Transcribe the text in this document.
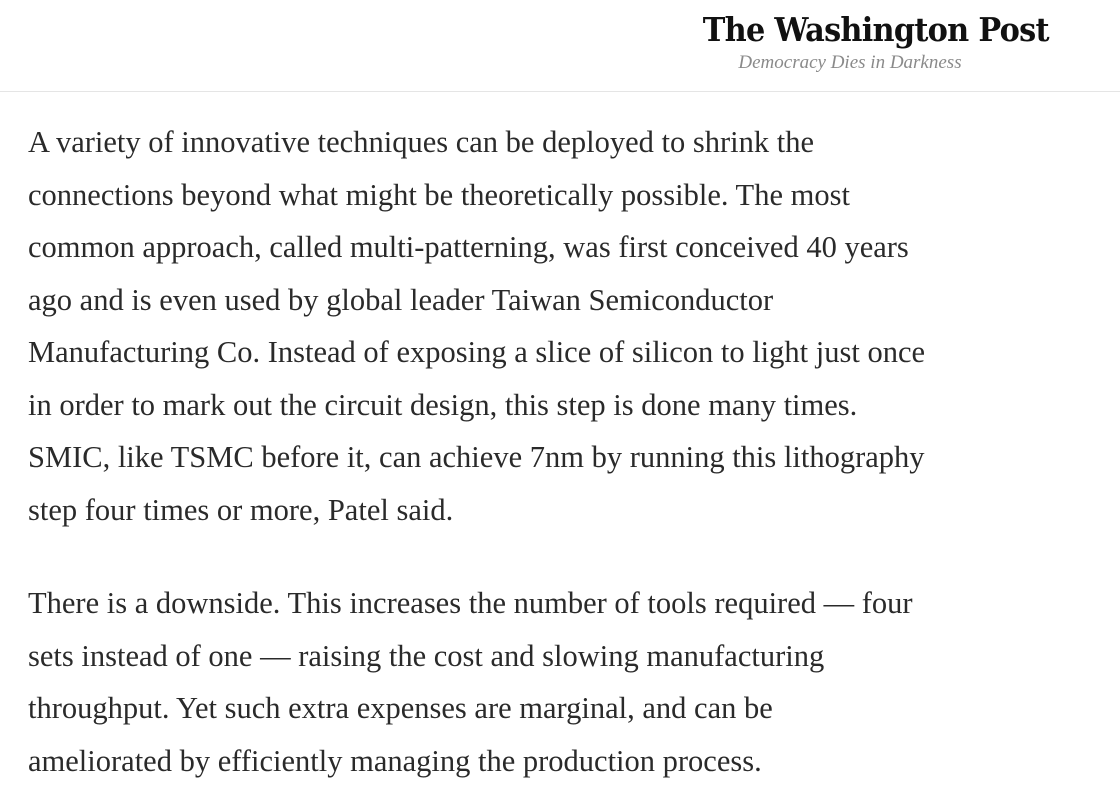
The Washington Post
Democracy Dies in Darkness

A variety of innovative techniques can be deployed to shrink the
connections beyond what might be theoretically possible. The most
common approach, called multi-patterning, was first conceived 40 years
ago and is even used by global leader Taiwan Semiconductor
Manufacturing Co. Instead of exposing a slice of silicon to light just once
in order to mark out the circuit design, this step is done many times.
SMIC, like TSMC before it, can achieve 7nm by running this lithography
step four times or more, Patel said.

There is a downside. This increases the number of tools required — four
sets instead of one — raising the cost and slowing manufacturing
throughput. Yet such extra expenses are marginal, and can be
ameliorated by efficiently managing the production process.
